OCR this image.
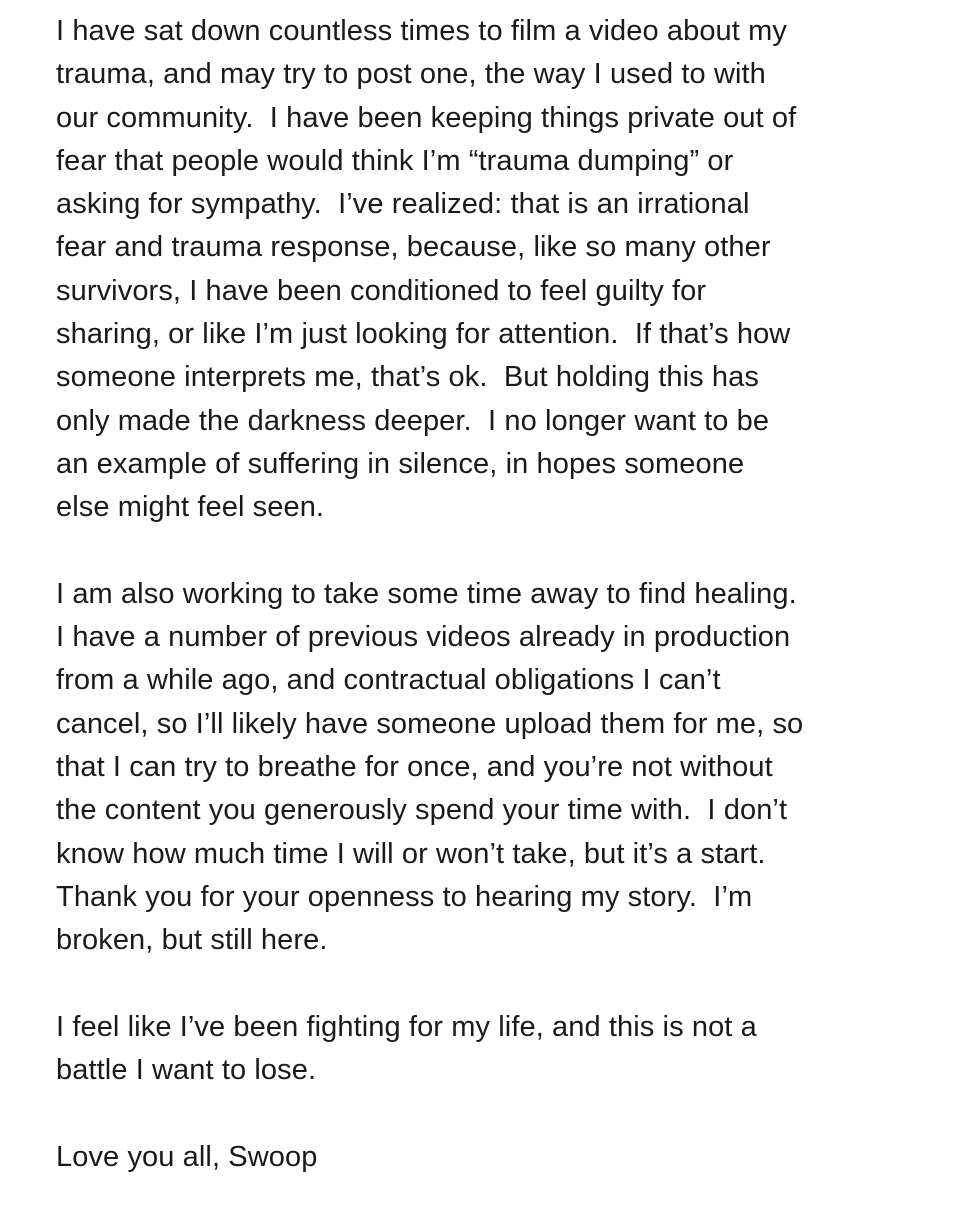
I have sat down countless times to film a video about my
trauma, and may try to post one, the way I used to with
our community.  I have been keeping things private out of
fear that people would think I’m “trauma dumping” or
asking for sympathy.  I’ve realized: that is an irrational
fear and trauma response, because, like so many other
survivors, I have been conditioned to feel guilty for
sharing, or like I’m just looking for attention.  If that’s how
someone interprets me, that’s ok.  But holding this has
only made the darkness deeper.  I no longer want to be
an example of suffering in silence, in hopes someone
else might feel seen.

I am also working to take some time away to find healing.
I have a number of previous videos already in production
from a while ago, and contractual obligations I can’t
cancel, so I’ll likely have someone upload them for me, so
that I can try to breathe for once, and you’re not without
the content you generously spend your time with.  I don’t
know how much time I will or won’t take, but it’s a start.
Thank you for your openness to hearing my story.  I’m
broken, but still here.

I feel like I’ve been fighting for my life, and this is not a
battle I want to lose.

Love you all, Swoop
